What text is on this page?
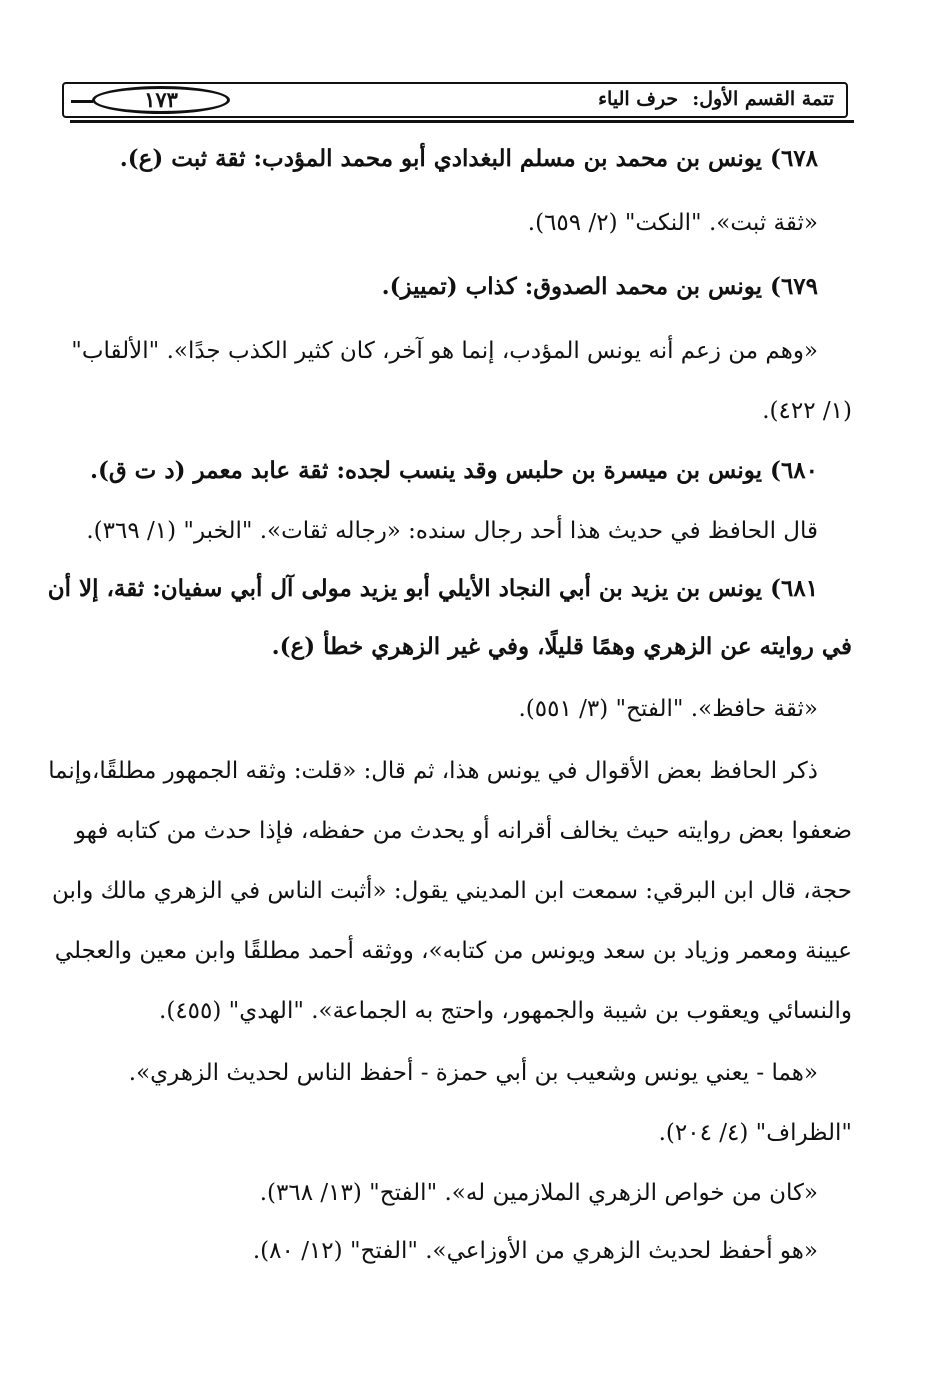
١٧٣	تتمة القسم الأول:حرف الياء
٦٧٨) يونس بن محمد بن مسلم البغدادي أبو محمد المؤدب: ثقة ثبت (ع).
«ثقة ثبت». "النكت" (٢/ ٦٥٩).
٦٧٩) يونس بن محمد الصدوق: كذاب (تمييز).
«وهم من زعم أنه يونس المؤدب، إنما هو آخر، كان كثير الكذب جدًا». "الألقاب"
(١/ ٤٢٢).
٦٨٠) يونس بن ميسرة بن حلبس وقد ينسب لجده: ثقة عابد معمر (د ت ق).
قال الحافظ في حديث هذا أحد رجال سنده: «رجاله ثقات». "الخبر" (١/ ٣٦٩).
٦٨١) يونس بن يزيد بن أبي النجاد الأيلي أبو يزيد مولى آل أبي سفيان: ثقة، إلا أن
في روايته عن الزهري وهمًا قليلًا، وفي غير الزهري خطأ (ع).
«ثقة حافظ». "الفتح" (٣/ ٥٥١).
ذكر الحافظ بعض الأقوال في يونس هذا، ثم قال: «قلت: وثقه الجمهور مطلقًا،وإنما
ضعفوا بعض روايته حيث يخالف أقرانه أو يحدث من حفظه، فإذا حدث من كتابه فهو
حجة، قال ابن البرقي: سمعت ابن المديني يقول: «أثبت الناس في الزهري مالك وابن
عيينة ومعمر وزياد بن سعد ويونس من كتابه»، ووثقه أحمد مطلقًا وابن معين والعجلي
والنسائي ويعقوب بن شيبة والجمهور، واحتج به الجماعة». "الهدي" (٤٥٥).
«هما - يعني يونس وشعيب بن أبي حمزة - أحفظ الناس لحديث الزهري».
"الظراف" (٤/ ٢٠٤).
«كان من خواص الزهري الملازمين له». "الفتح" (١٣/ ٣٦٨).
«هو أحفظ لحديث الزهري من الأوزاعي». "الفتح" (١٢/ ٨٠).
